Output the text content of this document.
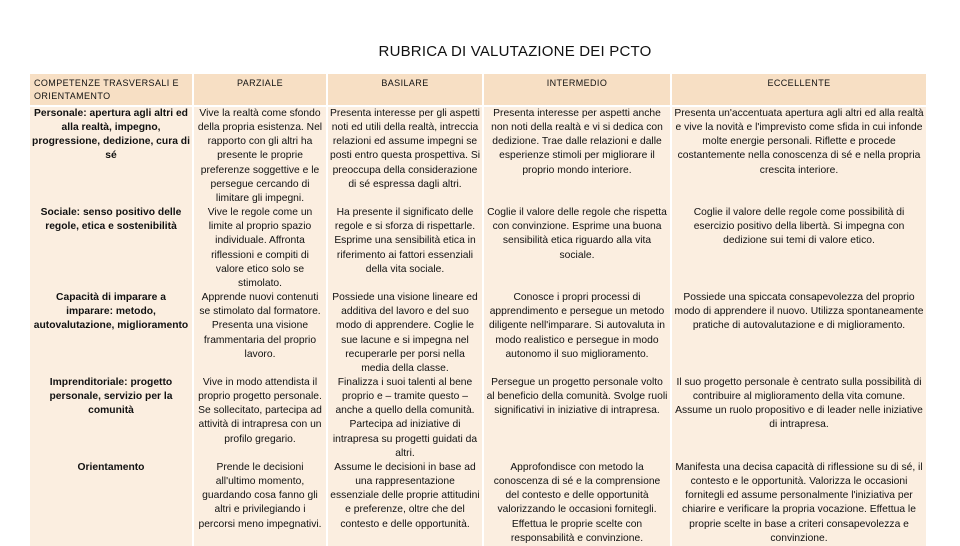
RUBRICA DI VALUTAZIONE DEI PCTO
COMPETENZE TRASVERSALI E ORIENTAMENTO	PARZIALE	BASILARE	INTERMEDIO	ECCELLENTE
Personale: apertura agli altri ed alla realtà, impegno, progressione, dedizione, cura di sé	Vive la realtà come sfondo della propria esistenza. Nel rapporto con gli altri ha presente le proprie preferenze soggettive e le persegue cercando di limitare gli impegni.	Presenta interesse per gli aspetti noti ed utili della realtà, intreccia relazioni ed assume impegni se posti entro questa prospettiva. Si preoccupa della considerazione di sé espressa dagli altri.	Presenta interesse per aspetti anche non noti della realtà e vi si dedica con dedizione. Trae dalle relazioni e dalle esperienze stimoli per migliorare il proprio mondo interiore.	Presenta un'accentuata apertura agli altri ed alla realtà e vive la novità e l'imprevisto come sfida in cui infonde molte energie personali. Riflette e procede costantemente nella conoscenza di sé e nella propria crescita interiore.
Sociale: senso positivo delle regole, etica e sostenibilità	Vive le regole come un limite al proprio spazio individuale. Affronta riflessioni e compiti di valore etico solo se stimolato.	Ha presente il significato delle regole e si sforza di rispettarle. Esprime una sensibilità etica in riferimento ai fattori essenziali della vita sociale.	Coglie il valore delle regole che rispetta con convinzione. Esprime una buona sensibilità etica riguardo alla vita sociale.	Coglie il valore delle regole come possibilità di esercizio positivo della libertà. Si impegna con dedizione sui temi di valore etico.
Capacità di imparare a imparare: metodo, autovalutazione, miglioramento	Apprende nuovi contenuti se stimolato dal formatore. Presenta una visione frammentaria del proprio lavoro.	Possiede una visione lineare ed additiva del lavoro e del suo modo di apprendere. Coglie le sue lacune e si impegna nel recuperarle per porsi nella media della classe.	Conosce i propri processi di apprendimento e persegue un metodo diligente nell'imparare. Si autovaluta in modo realistico e persegue in modo autonomo il suo miglioramento.	Possiede una spiccata consapevolezza del proprio modo di apprendere il nuovo. Utilizza spontaneamente pratiche di autovalutazione e di miglioramento.
Imprenditoriale: progetto personale, servizio per la comunità	Vive in modo attendista il proprio progetto personale. Se sollecitato, partecipa ad attività di intrapresa con un profilo gregario.	Finalizza i suoi talenti al bene proprio e – tramite questo – anche a quello della comunità. Partecipa ad iniziative di intrapresa su progetti guidati da altri.	Persegue un progetto personale volto al beneficio della comunità. Svolge ruoli significativi in iniziative di intrapresa.	Il suo progetto personale è centrato sulla possibilità di contribuire al miglioramento della vita comune. Assume un ruolo propositivo e di leader nelle iniziative di intrapresa.
Orientamento	Prende le decisioni all'ultimo momento, guardando cosa fanno gli altri e privilegiando i percorsi meno impegnativi.	Assume le decisioni in base ad una rappresentazione essenziale delle proprie attitudini e preferenze, oltre che del contesto e delle opportunità.	Approfondisce con metodo la conoscenza di sé e la comprensione del contesto e delle opportunità valorizzando le occasioni fornitegli. Effettua le proprie scelte con responsabilità e convinzione.	Manifesta una decisa capacità di riflessione su di sé, il contesto e le opportunità. Valorizza le occasioni fornitegli ed assume personalmente l'iniziativa per chiarire e verificare la propria vocazione. Effettua le proprie scelte in base a criteri consapevolezza e convinzione.
